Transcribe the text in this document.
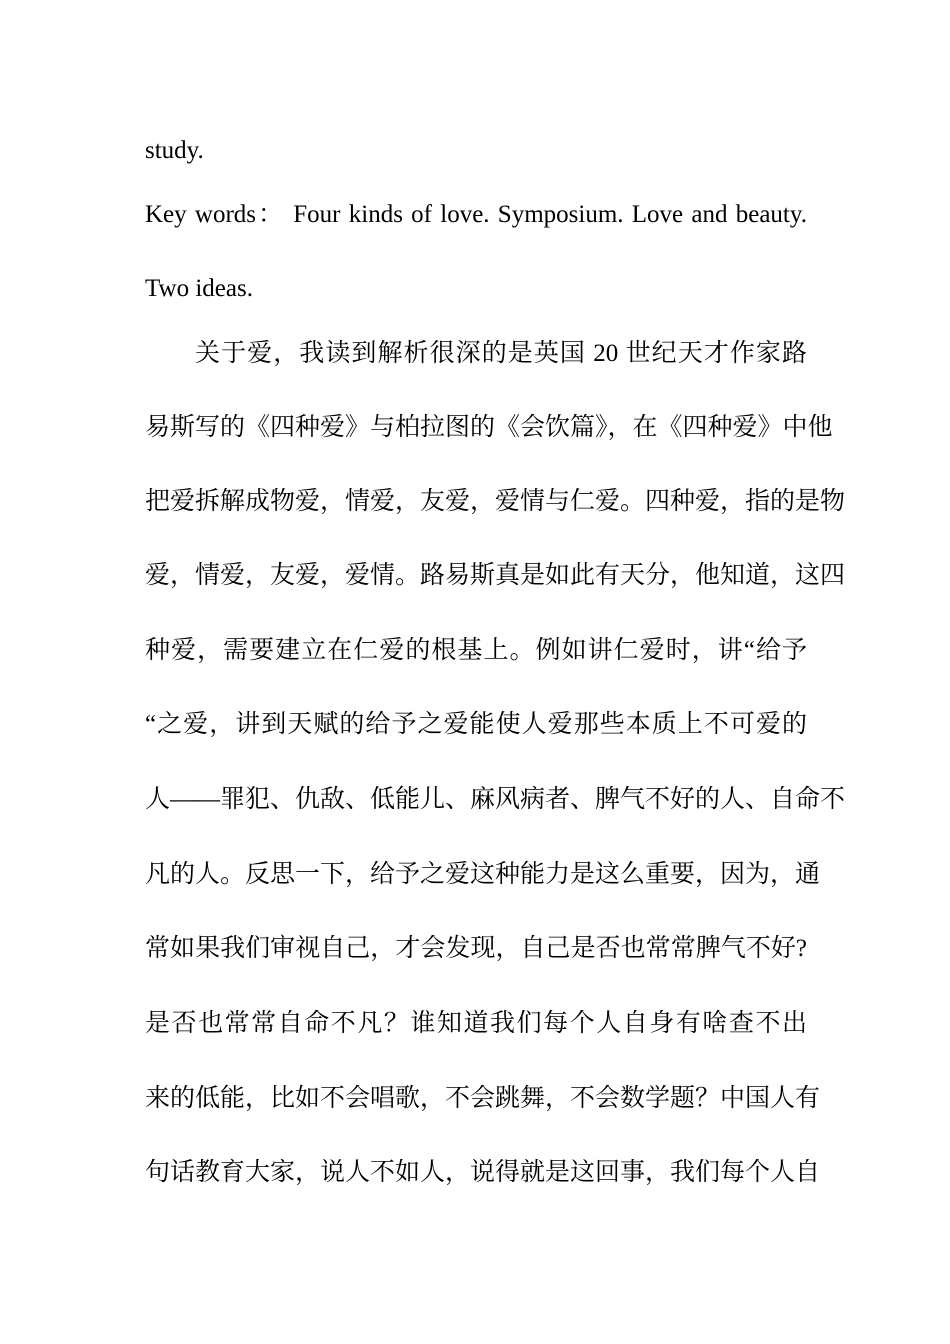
study.
Key words： Four kinds of love. Symposium. Love and beauty.
Two ideas.
关于爱，我读到解析很深的是英国 20 世纪天才作家路
易斯写的《四种爱》与柏拉图的《会饮篇》，在《四种爱》中他
把爱拆解成物爱，情爱，友爱，爱情与仁爱。四种爱，指的是物
爱，情爱，友爱，爱情。路易斯真是如此有天分，他知道，这四
种爱，需要建立在仁爱的根基上。例如讲仁爱时，讲“给予
“之爱，讲到天赋的给予之爱能使人爱那些本质上不可爱的
人——罪犯、仇敌、低能儿、麻风病者、脾气不好的人、自命不
凡的人。反思一下，给予之爱这种能力是这么重要，因为，通
常如果我们审视自己，才会发现，自己是否也常常脾气不好?
是否也常常自命不凡？谁知道我们每个人自身有啥查不出
来的低能，比如不会唱歌，不会跳舞，不会数学题？中国人有
句话教育大家，说人不如人，说得就是这回事，我们每个人自
